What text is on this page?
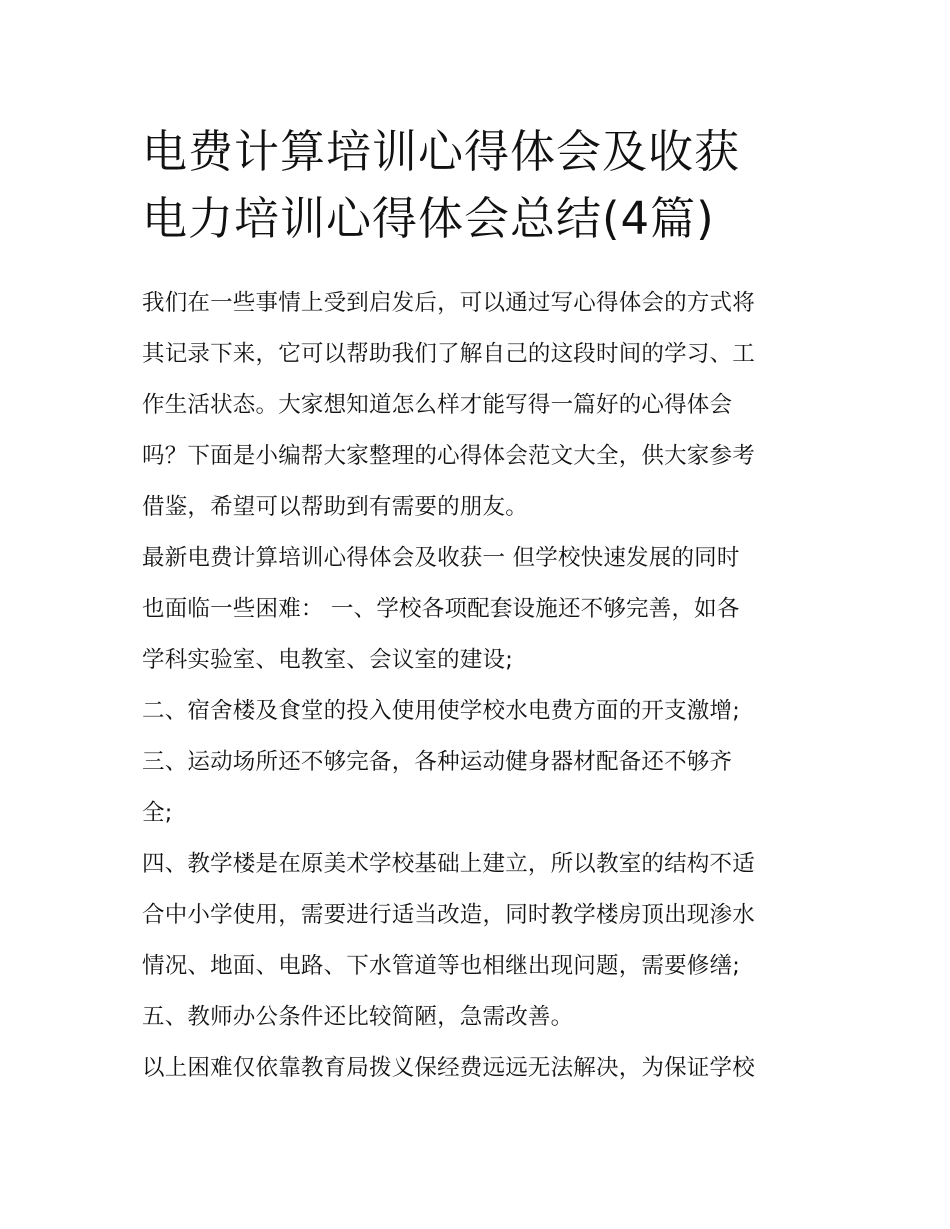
电费计算培训心得体会及收获
电力培训心得体会总结(4篇)
我们在一些事情上受到启发后，可以通过写心得体会的方式将
其记录下来，它可以帮助我们了解自己的这段时间的学习、工
作生活状态。大家想知道怎么样才能写得一篇好的心得体会
吗？下面是小编帮大家整理的心得体会范文大全，供大家参考
借鉴，希望可以帮助到有需要的朋友。
最新电费计算培训心得体会及收获一 但学校快速发展的同时
也面临一些困难： 一、学校各项配套设施还不够完善，如各
学科实验室、电教室、会议室的建设;
二、宿舍楼及食堂的投入使用使学校水电费方面的开支激增;
三、运动场所还不够完备，各种运动健身器材配备还不够齐
全;
四、教学楼是在原美术学校基础上建立，所以教室的结构不适
合中小学使用，需要进行适当改造，同时教学楼房顶出现渗水
情况、地面、电路、下水管道等也相继出现问题，需要修缮;
五、教师办公条件还比较简陋，急需改善。
以上困难仅依靠教育局拨义保经费远远无法解决，为保证学校
